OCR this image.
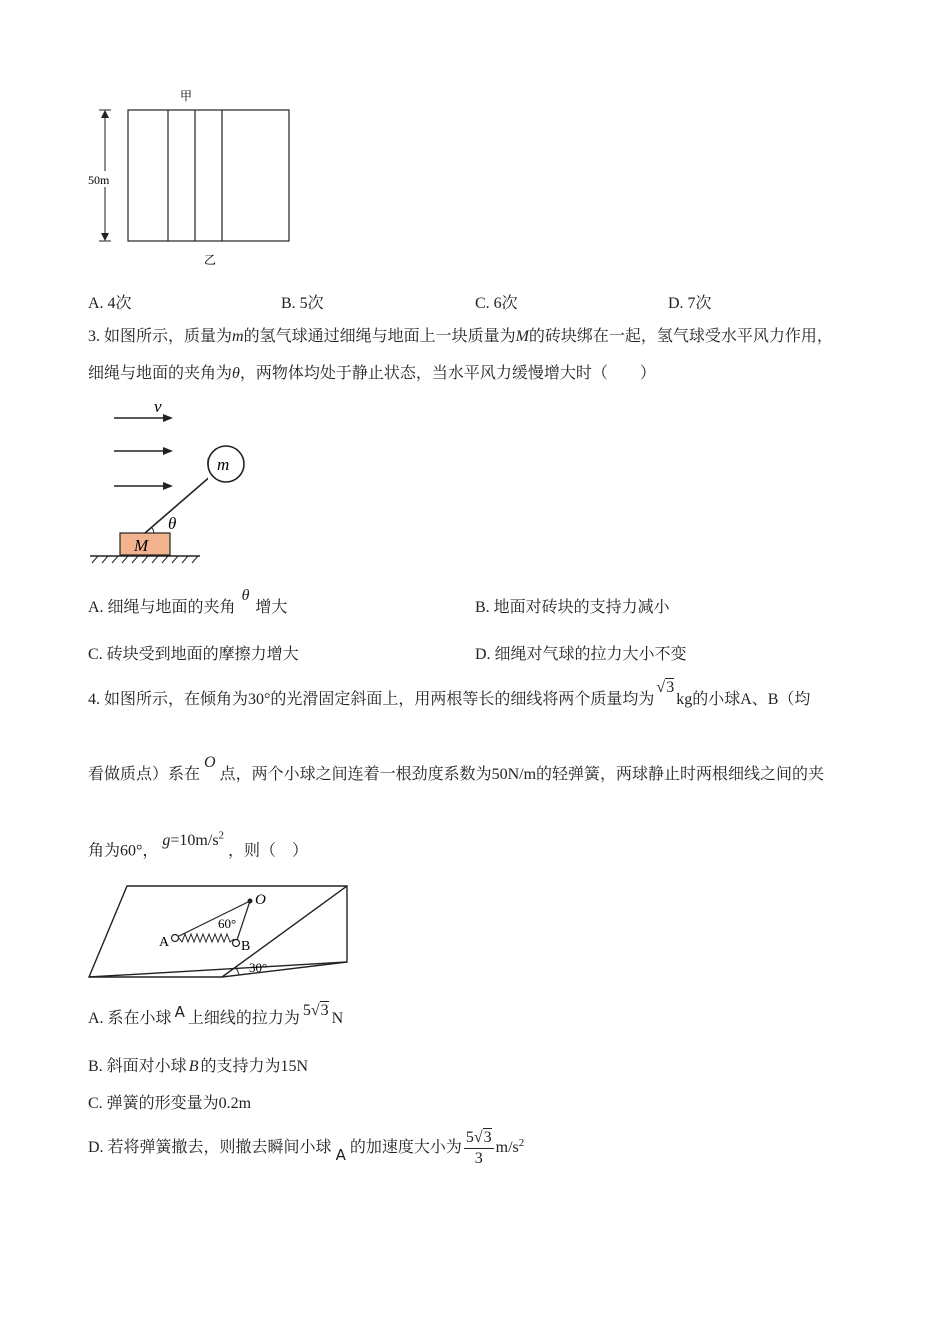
甲
50m
乙
A. 4次	B. 5次	C. 6次	D. 7次
3. 如图所示，质量为m的氢气球通过细绳与地面上一块质量为M的砖块绑在一起，氢气球受水平风力作用，
细绳与地面的夹角为θ，两物体均处于静止状态，当水平风力缓慢增大时（　　）
v
M
θ
m
A. 细绳与地面的夹角θ增大	B. 地面对砖块的支持力减小
C. 砖块受到地面的摩擦力增大	D. 细绳对气球的拉力大小不变
4. 如图所示，在倾角为30°的光滑固定斜面上，用两根等长的细线将两个质量均为√3kg的小球A、B（均
看做质点）系在O点，两个小球之间连着一根劲度系数为50N/m的轻弹簧，两球静止时两根细线之间的夹
角为60°，$g=10m/s^2$，则（　）
30°
O
60°
A	B
A. 系在小球 A 上细线的拉力为 5√3 N
B. 斜面对小球 B 的支持力为15N
C. 弹簧的形变量为0.2m
D. 若将弹簧撤去，则撤去瞬间小球 A 的加速度大小为 $\frac{5√3}{3} m/s^2$
